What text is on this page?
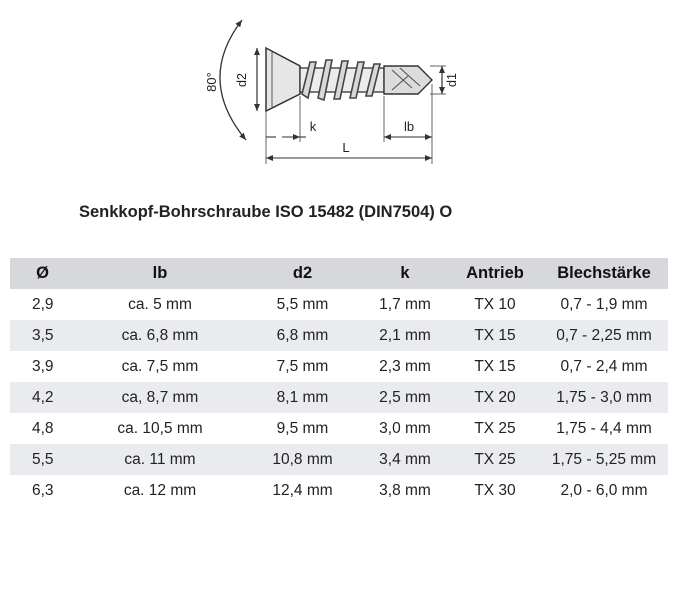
80° d2	d1
k	lb
L
Senkkopf-Bohrschraube ISO 15482 (DIN7504) O
Ø	lb	d2	k	Antrieb	Blechstärke
2,9	ca. 5 mm	5,5 mm	1,7 mm	TX 10	0,7 - 1,9 mm
3,5	ca. 6,8 mm	6,8 mm	2,1 mm	TX 15	0,7 - 2,25 mm
3,9	ca. 7,5 mm	7,5 mm	2,3 mm	TX 15	0,7 - 2,4 mm
4,2	ca, 8,7 mm	8,1 mm	2,5 mm	TX 20	1,75 - 3,0 mm
4,8	ca. 10,5 mm	9,5 mm	3,0 mm	TX 25	1,75 - 4,4 mm
5,5	ca. 11 mm	10,8 mm	3,4 mm	TX 25	1,75 - 5,25 mm
6,3	ca. 12 mm	12,4 mm	3,8 mm	TX 30	2,0 - 6,0 mm
